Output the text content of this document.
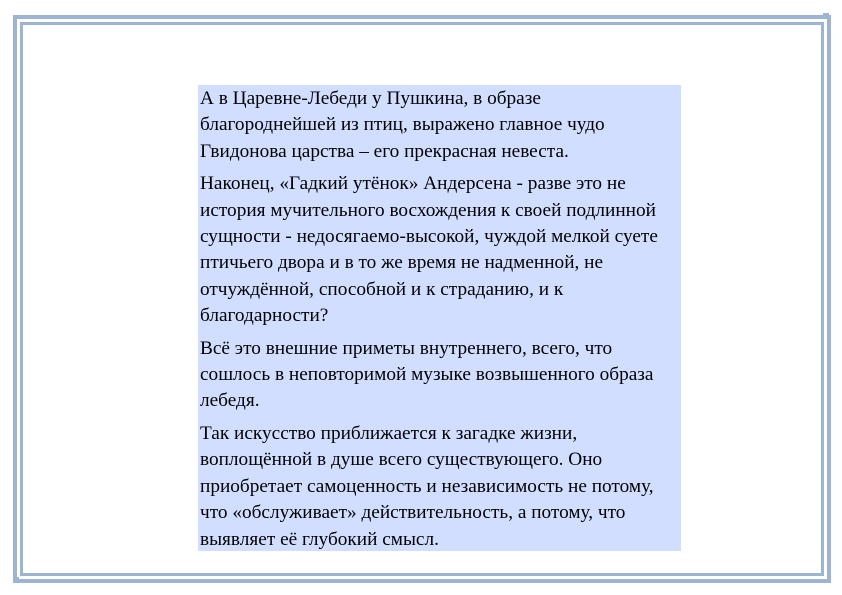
А в Царевне-Лебеди у Пушкина, в образе благороднейшей из птиц, выражено главное чудо Гвидонова царства – его прекрасная невеста.

Наконец, «Гадкий утёнок» Андерсена - разве это не история мучительного восхождения к своей подлинной сущности - недосягаемо-высокой, чуждой мелкой суете птичьего двора и в то же время не надменной, не отчуждённой, способной и к страданию, и к благодарности?

Всё это внешние приметы внутреннего, всего, что сошлось в неповторимой музыке возвышенного образа лебедя.

Так искусство приближается к загадке жизни, воплощённой в душе всего существующего. Оно приобретает самоценность и независимость не потому, что «обслуживает» действительность, а потому, что выявляет её глубокий смысл.
